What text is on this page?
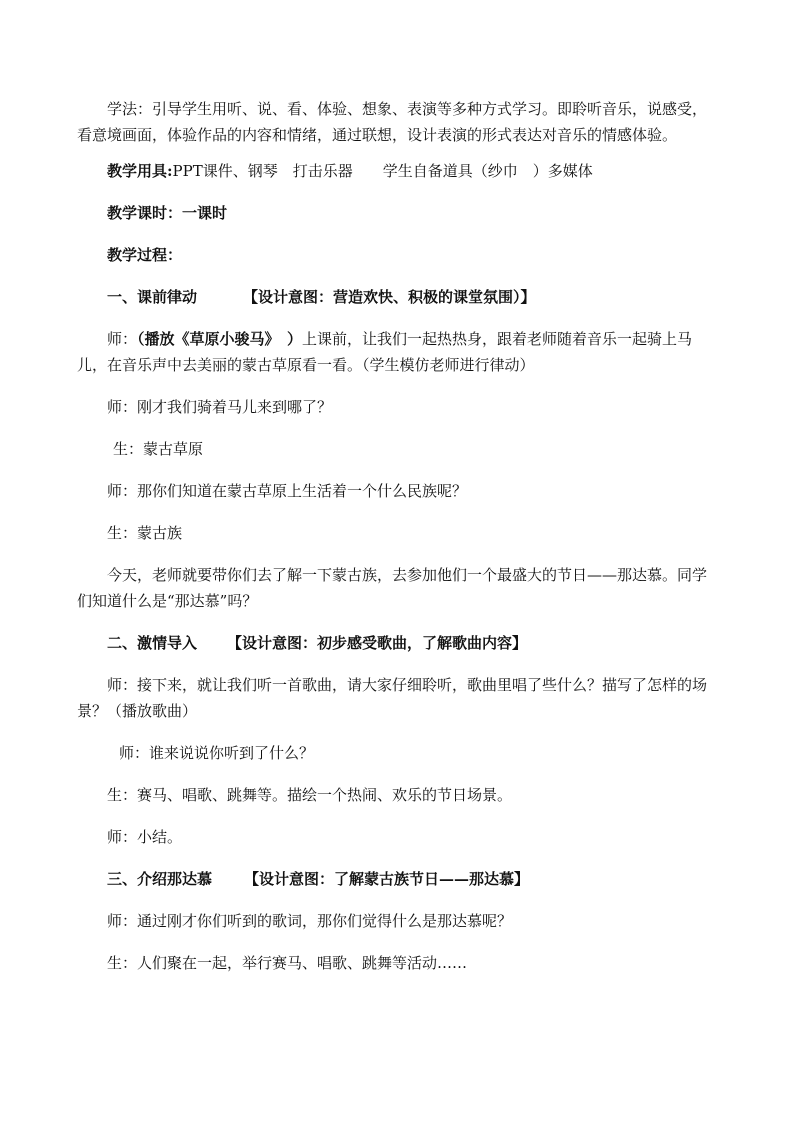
学法：引导学生用听、说、看、体验、想象、表演等多种方式学习。即聆听音乐，说感受，看意境画面，体验作品的内容和情绪，通过联想，设计表演的形式表达对音乐的情感体验。

教学用具:PPT课件、钢琴　打击乐器　　学生自备道具（纱巾　）多媒体

教学课时：一课时

教学过程：

一、课前律动	【设计意图：营造欢快、积极的课堂氛围）】

师：（播放《草原小骏马》　）上课前，让我们一起热热身，跟着老师随着音乐一起骑上马儿，在音乐声中去美丽的蒙古草原看一看。（学生模仿老师进行律动）

师：刚才我们骑着马儿来到哪了？

生：蒙古草原

师：那你们知道在蒙古草原上生活着一个什么民族呢？

生：蒙古族

今天，老师就要带你们去了解一下蒙古族，去参加他们一个最盛大的节日——那达慕。同学们知道什么是“那达慕”吗？

二、激情导入 【设计意图：初步感受歌曲，了解歌曲内容】

师：接下来，就让我们听一首歌曲，请大家仔细聆听，歌曲里唱了些什么？描写了怎样的场景？（播放歌曲）

师：谁来说说你听到了什么？

生：赛马、唱歌、跳舞等。描绘一个热闹、欢乐的节日场景。

师：小结。

三、介绍那达慕 【设计意图：了解蒙古族节日——那达慕】

师：通过刚才你们听到的歌词，那你们觉得什么是那达慕呢？

生：人们聚在一起，举行赛马、唱歌、跳舞等活动……
